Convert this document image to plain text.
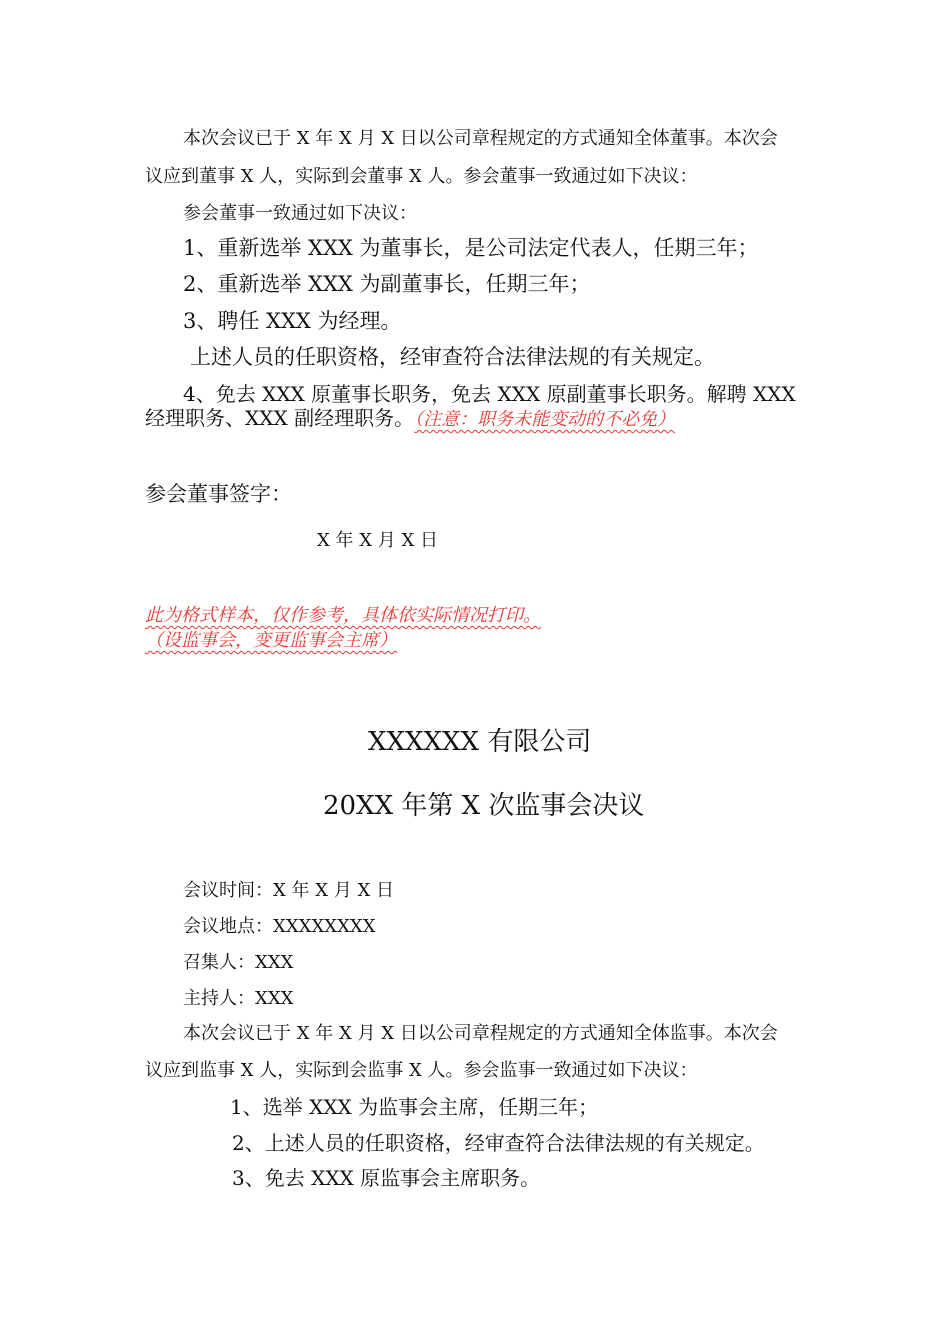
本次会议已于 X 年 X 月 X 日以公司章程规定的方式通知全体董事。本次会
议应到董事 X 人，实际到会董事 X 人。参会董事一致通过如下决议：
参会董事一致通过如下决议：
1、重新选举 XXX 为董事长，是公司法定代表人，任期三年；
2、重新选举 XXX 为副董事长，任期三年；
3、聘任 XXX 为经理。
上述人员的任职资格，经审查符合法律法规的有关规定。
4、免去 XXX 原董事长职务，免去 XXX 原副董事长职务。解聘 XXX
经理职务、XXX 副经理职务。（注意：职务未能变动的不必免）
参会董事签字：
X 年 X 月 X 日
此为格式样本，仅作参考，具体依实际情况打印。
（设监事会，变更监事会主席）
XXXXXX 有限公司
20XX 年第 X 次监事会决议
会议时间：X 年 X 月 X 日
会议地点：XXXXXXXX
召集人：XXX
主持人：XXX
本次会议已于 X 年 X 月 X 日以公司章程规定的方式通知全体监事。本次会
议应到监事 X 人，实际到会监事 X 人。参会监事一致通过如下决议：
1、选举 XXX 为监事会主席，任期三年；
2、上述人员的任职资格，经审查符合法律法规的有关规定。
3、免去 XXX 原监事会主席职务。
